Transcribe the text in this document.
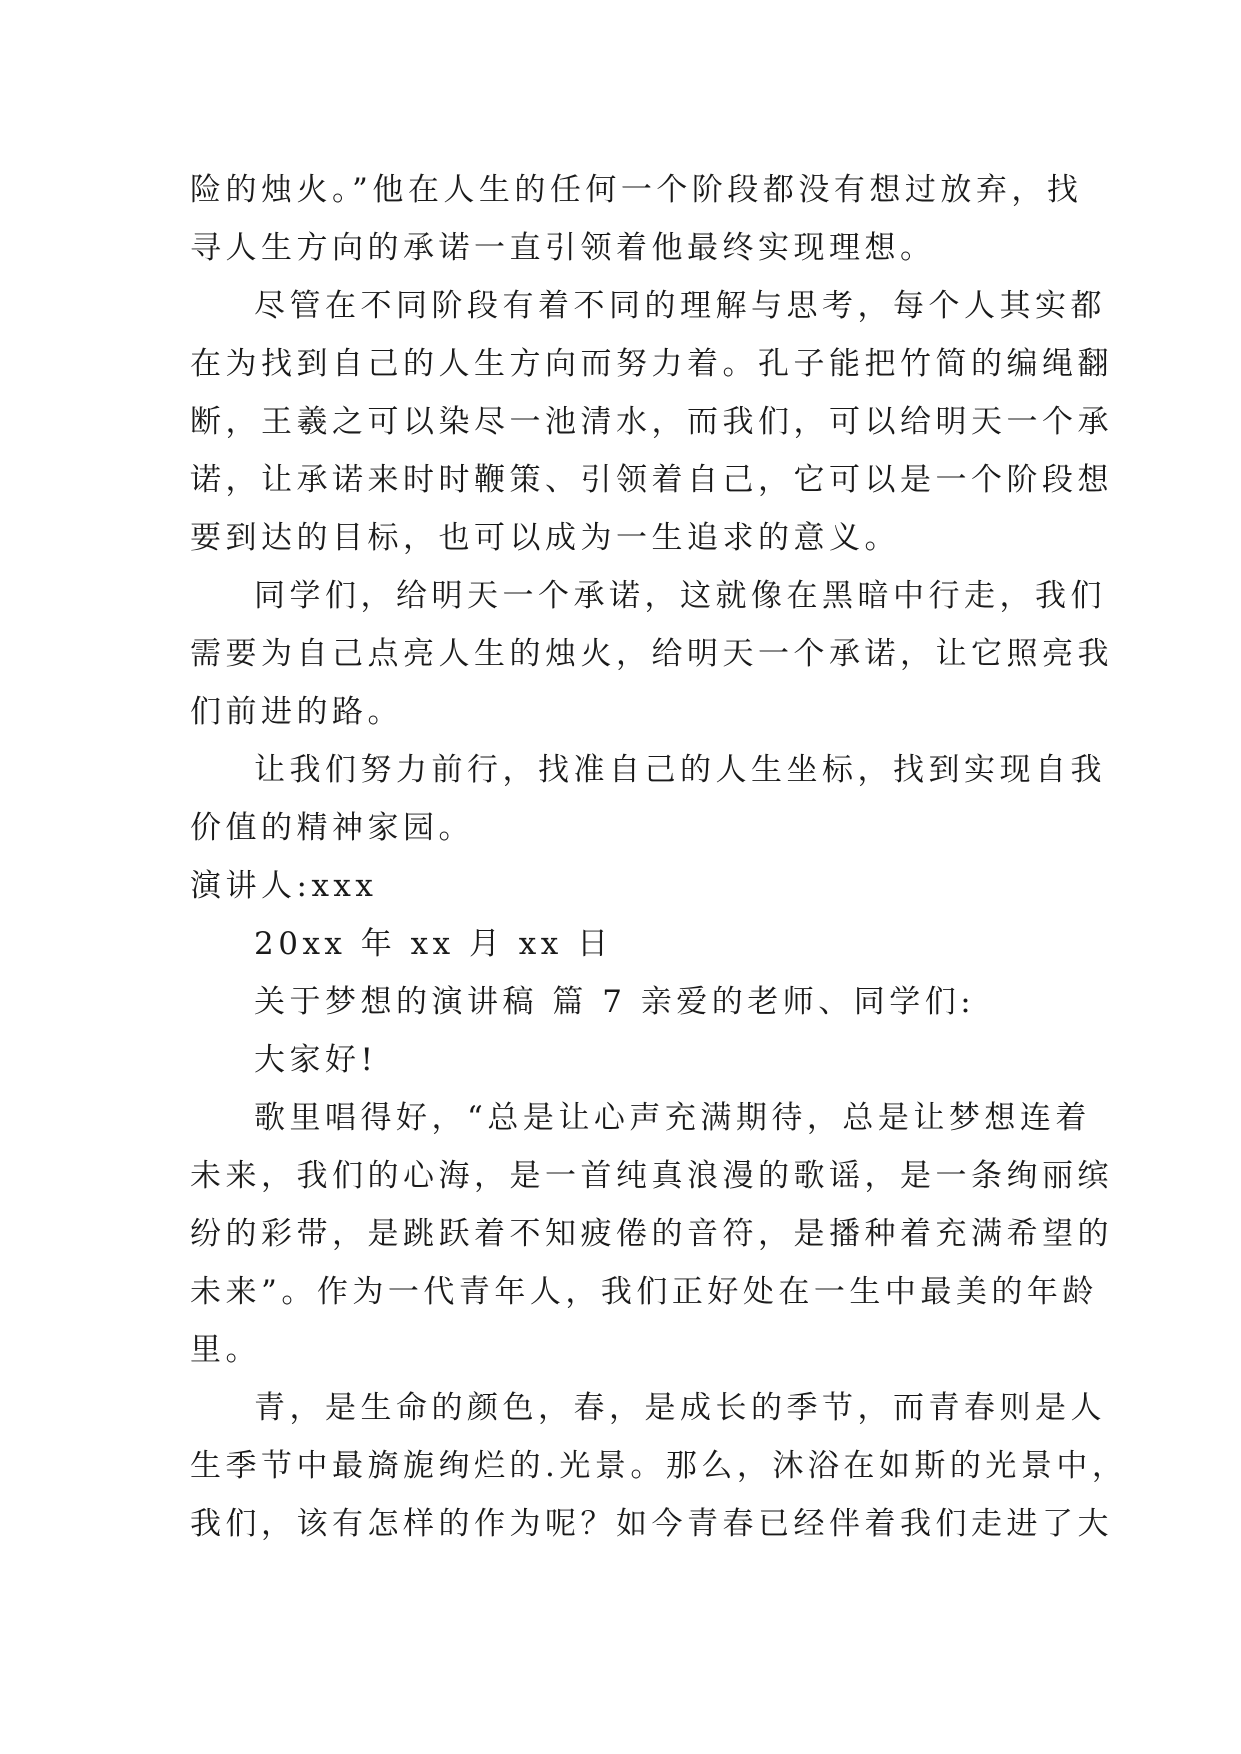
险的烛火。”他在人生的任何一个阶段都没有想过放弃，找

寻人生方向的承诺一直引领着他最终实现理想。

尽管在不同阶段有着不同的理解与思考，每个人其实都

在为找到自己的人生方向而努力着。孔子能把竹简的编绳翻

断，王羲之可以染尽一池清水，而我们，可以给明天一个承

诺，让承诺来时时鞭策、引领着自己，它可以是一个阶段想

要到达的目标，也可以成为一生追求的意义。

同学们，给明天一个承诺，这就像在黑暗中行走，我们

需要为自己点亮人生的烛火，给明天一个承诺，让它照亮我

们前进的路。

让我们努力前行，找准自己的人生坐标，找到实现自我

价值的精神家园。

演讲人:xxx

20xx 年 xx 月 xx 日

关于梦想的演讲稿 篇 7 亲爱的老师、同学们:

大家好!

歌里唱得好，“总是让心声充满期待，总是让梦想连着

未来，我们的心海，是一首纯真浪漫的歌谣，是一条绚丽缤

纷的彩带，是跳跃着不知疲倦的音符，是播种着充满希望的

未来”。作为一代青年人，我们正好处在一生中最美的年龄

里。

青，是生命的颜色，春，是成长的季节，而青春则是人

生季节中最旖旎绚烂的.光景。那么，沐浴在如斯的光景中，

我们，该有怎样的作为呢？如今青春已经伴着我们走进了大
